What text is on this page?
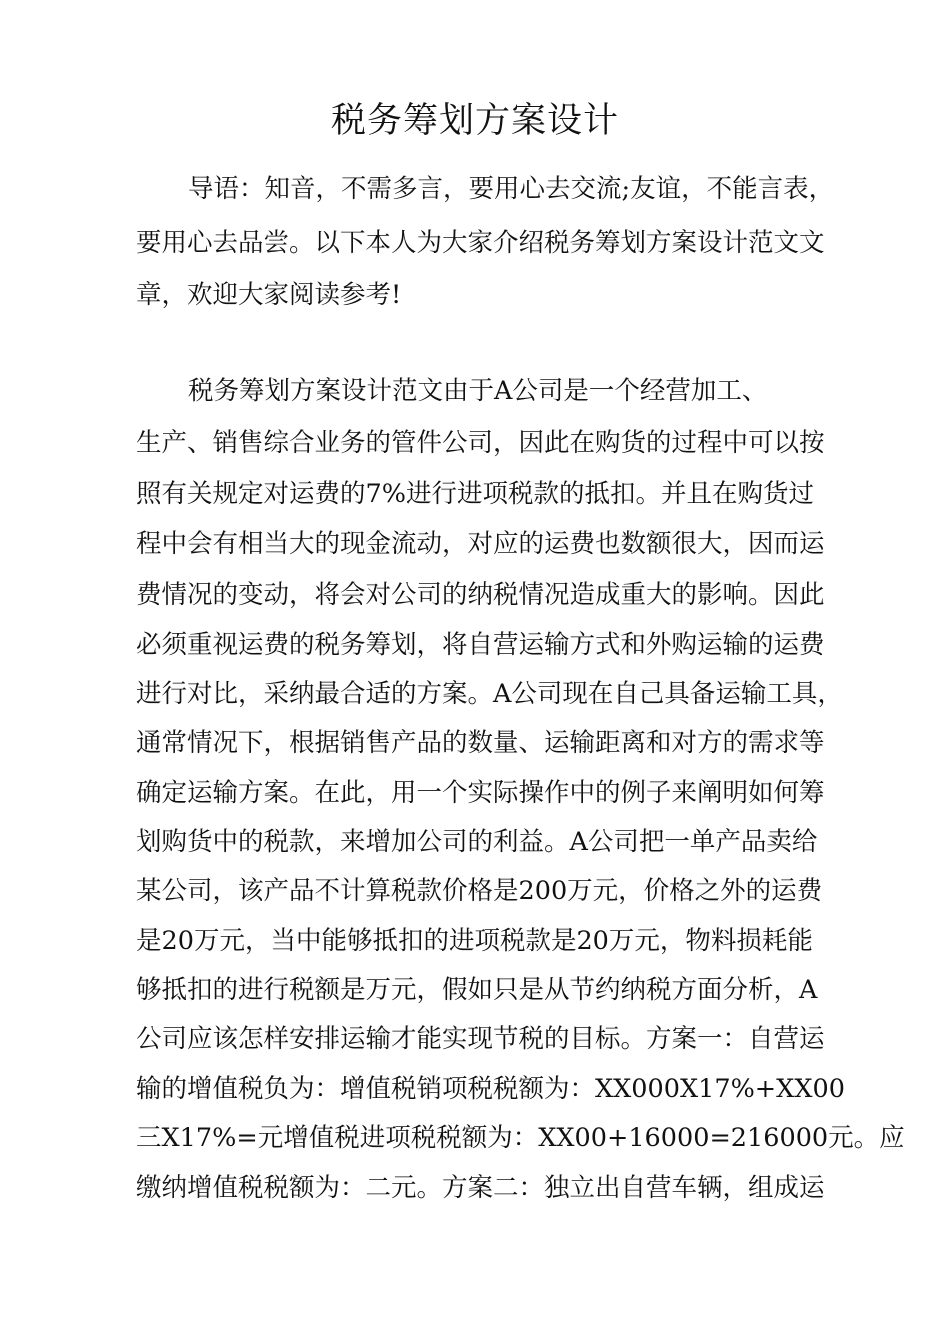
税务筹划方案设计
导语：知音，不需多言，要用心去交流;友谊，不能言表，
要用心去品尝。以下本人为大家介绍税务筹划方案设计范文文
章，欢迎大家阅读参考!
税务筹划方案设计范文由于A公司是一个经营加工、
生产、销售综合业务的管件公司，因此在购货的过程中可以按
照有关规定对运费的7%进行进项税款的抵扣。并且在购货过
程中会有相当大的现金流动，对应的运费也数额很大，因而运
费情况的变动，将会对公司的纳税情况造成重大的影响。因此
必须重视运费的税务筹划，将自营运输方式和外购运输的运费
进行对比，采纳最合适的方案。A公司现在自己具备运输工具，
通常情况下，根据销售产品的数量、运输距离和对方的需求等
确定运输方案。在此，用一个实际操作中的例子来阐明如何筹
划购货中的税款，来增加公司的利益。A公司把一单产品卖给
某公司，该产品不计算税款价格是200万元，价格之外的运费
是20万元，当中能够抵扣的进项税款是20万元，物料损耗能
够抵扣的进行税额是万元，假如只是从节约纳税方面分析，A
公司应该怎样安排运输才能实现节税的目标。方案一：自营运
输的增值税负为：增值税销项税税额为：XX000X17%+XX00
三X17%=元增值税进项税税额为：XX00+16000=216000元。应
缴纳增值税税额为：二元。方案二：独立出自营车辆，组成运
